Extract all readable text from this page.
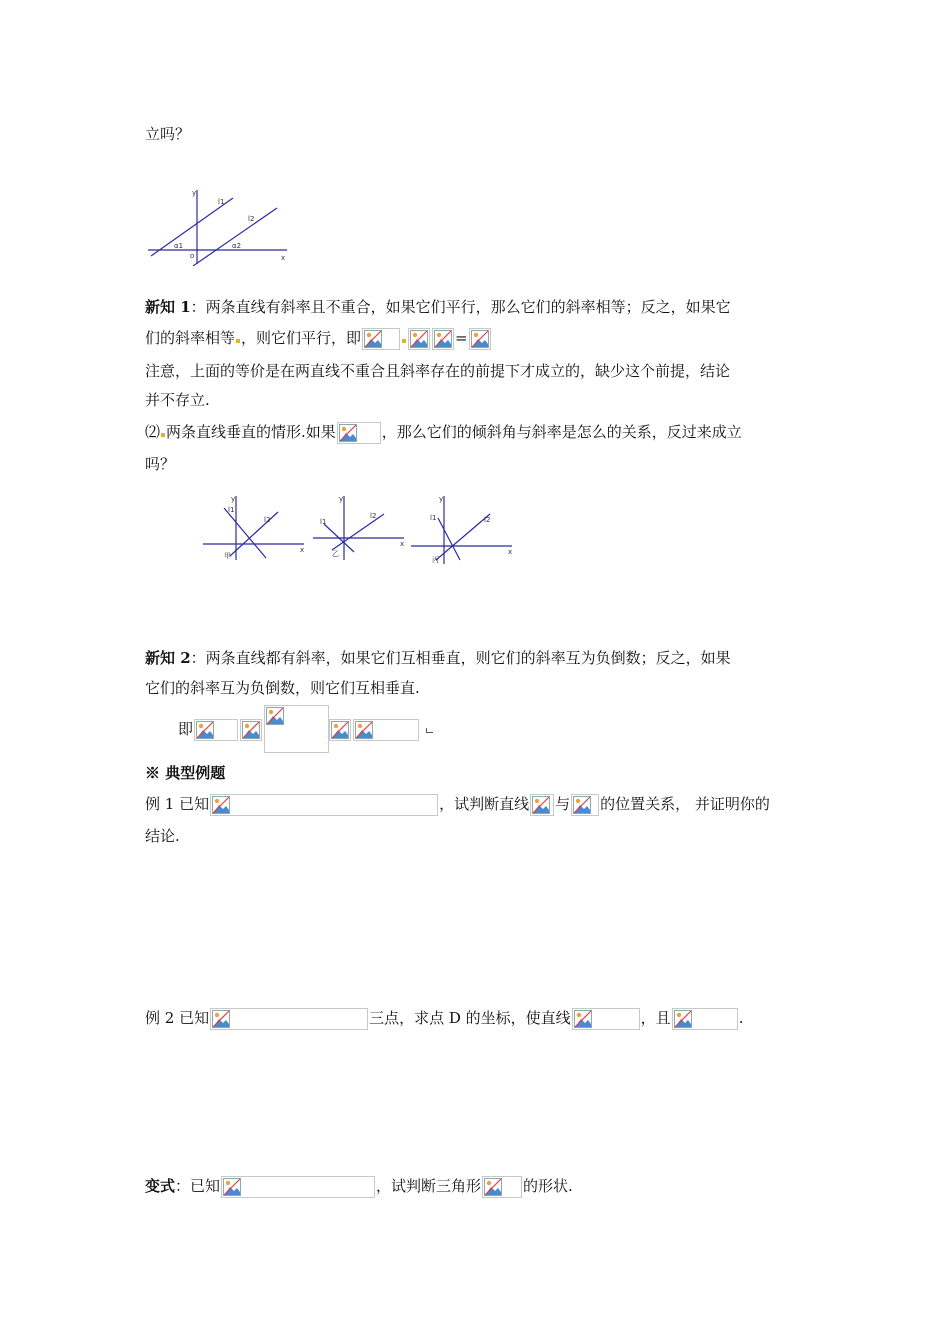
立吗？
y
x
o
l1
l2
α1	α2
新知 1：两条直线有斜率且不重合，如果它们平行，那么它们的斜率相等；反之，如果它
们的斜率相等 ，则它们平行，即	=
注意，上面的等价是在两直线不重合且斜率存在的前提下才成立的，缺少这个前提，结论
并不存立.
⑵ 两条直线垂直的情形.如果	，那么它们的倾斜角与斜率是怎么的关系，反过来成立
吗？
y
x
l1
l2
甲
y
x
l1
l2
乙
y
x
l1	l2
丙
新知 2：两条直线都有斜率，如果它们互相垂直，则它们的斜率互为负倒数；反之，如果
它们的斜率互为负倒数，则它们互相垂直.
即
※ 典型例题
例 1 已知	，试判断直线 与 的位置关系， 并证明你的
结论.
例 2 已知	三点，求点 D 的坐标，使直线	，且	.
变式：已知	，试判断三角形	的形状.
